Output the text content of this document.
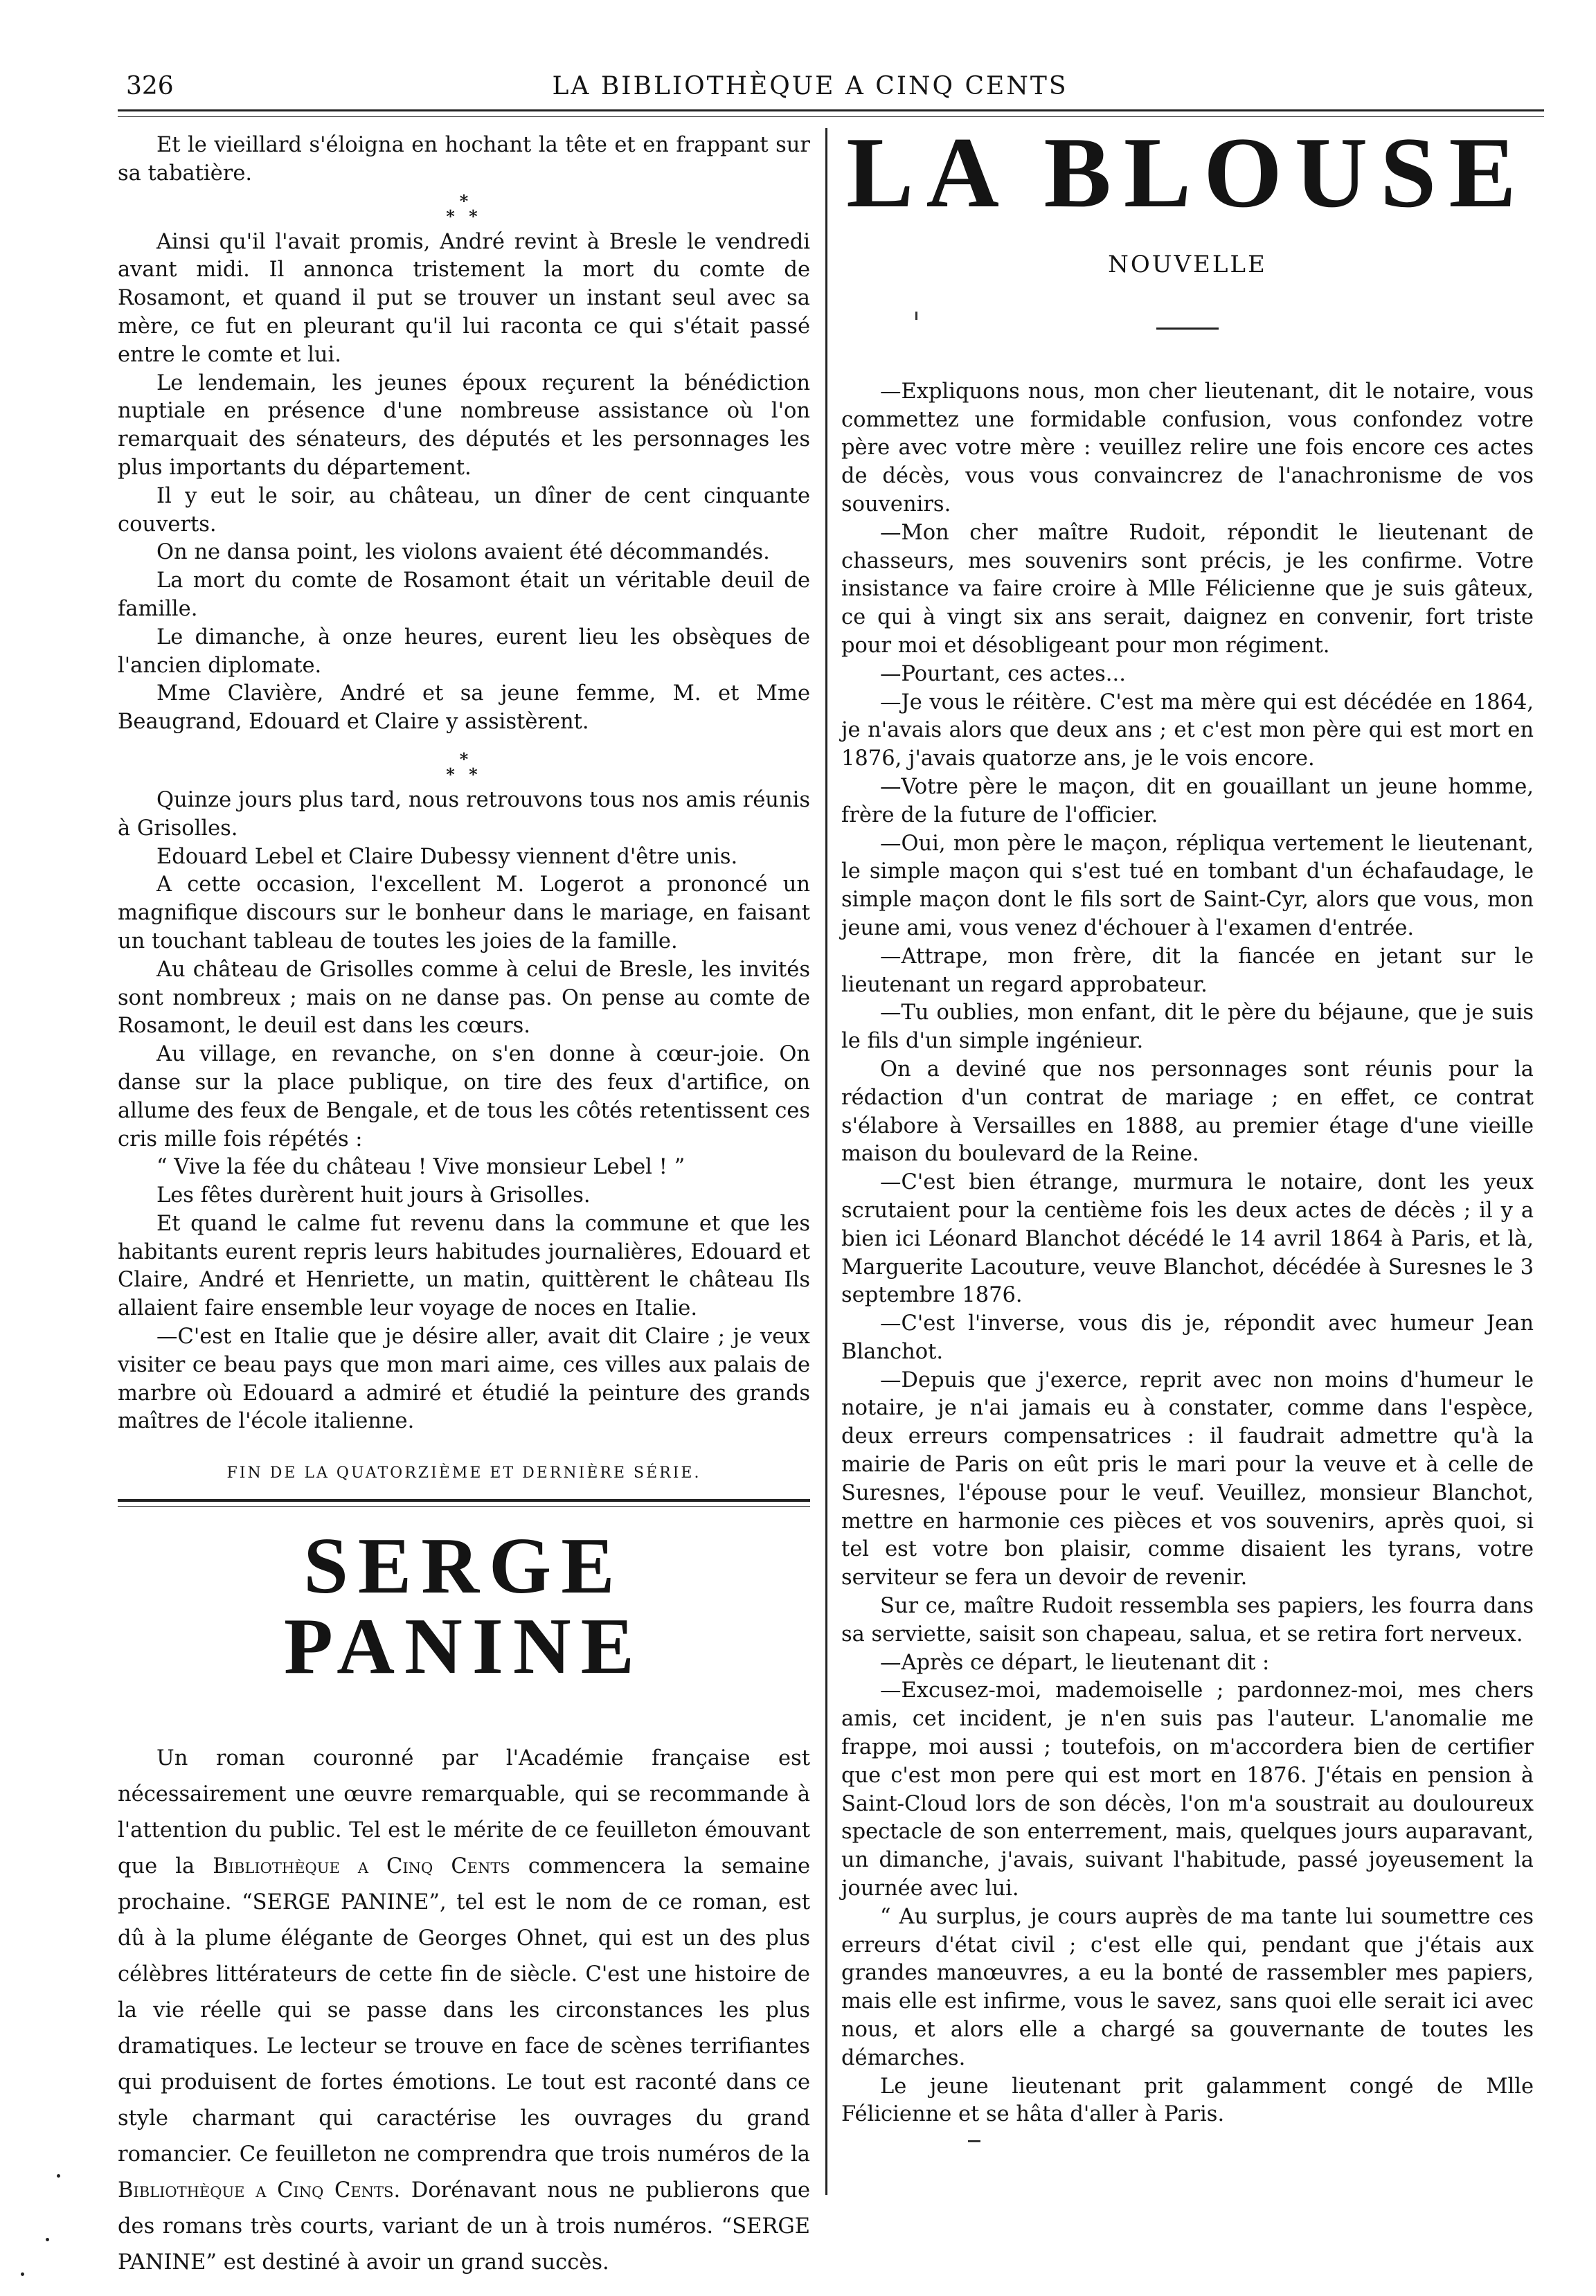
326	LA BIBLIOTHÈQUE A CINQ CENTS

Et le vieillard s'éloigna en hochant la tête et en frappant sur sa tabatière.

*
* *

Ainsi qu'il l'avait promis, André revint à Bresle le vendredi avant midi. Il annonca tristement la mort du comte de Rosamont, et quand il put se trouver un instant seul avec sa mère, ce fut en pleurant qu'il lui raconta ce qui s'était passé entre le comte et lui.

Le lendemain, les jeunes époux reçurent la bénédiction nuptiale en présence d'une nombreuse assistance où l'on remarquait des sénateurs, des députés et les personnages les plus importants du département.

Il y eut le soir, au château, un dîner de cent cinquante couverts.

On ne dansa point, les violons avaient été décommandés.

La mort du comte de Rosamont était un véritable deuil de famille.

Le dimanche, à onze heures, eurent lieu les obsèques de l'ancien diplomate.

Mme Clavière, André et sa jeune femme, M. et Mme Beaugrand, Edouard et Claire y assistèrent.

*
* *

Quinze jours plus tard, nous retrouvons tous nos amis réunis à Grisolles.

Edouard Lebel et Claire Dubessy viennent d'être unis.

A cette occasion, l'excellent M. Logerot a prononcé un magnifique discours sur le bonheur dans le mariage, en faisant un touchant tableau de toutes les joies de la famille.

Au château de Grisolles comme à celui de Bresle, les invités sont nombreux ; mais on ne danse pas. On pense au comte de Rosamont, le deuil est dans les cœurs.

Au village, en revanche, on s'en donne à cœur-joie. On danse sur la place publique, on tire des feux d'artifice, on allume des feux de Bengale, et de tous les côtés retentissent ces cris mille fois répétés :

“ Vive la fée du château ! Vive monsieur Lebel ! ”

Les fêtes durèrent huit jours à Grisolles.

Et quand le calme fut revenu dans la commune et que les habitants eurent repris leurs habitudes journalières, Edouard et Claire, André et Henriette, un matin, quittèrent le château Ils allaient faire ensemble leur voyage de noces en Italie.

—C'est en Italie que je désire aller, avait dit Claire ; je veux visiter ce beau pays que mon mari aime, ces villes aux palais de marbre où Edouard a admiré et étudié la peinture des grands maîtres de l'école italienne.

FIN DE LA QUATORZIÈME ET DERNIÈRE SÉRIE.

SERGE PANINE

Un roman couronné par l'Académie française est nécessairement une œuvre remarquable, qui se recommande à l'attention du public. Tel est le mérite de ce feuilleton émouvant que la Bibliothèque a Cinq Cents commencera la semaine prochaine. “SERGE PANINE”, tel est le nom de ce roman, est dû à la plume élégante de Georges Ohnet, qui est un des plus célèbres littérateurs de cette fin de siècle. C'est une histoire de la vie réelle qui se passe dans les circonstances les plus dramatiques. Le lecteur se trouve en face de scènes terrifiantes qui produisent de fortes émotions. Le tout est raconté dans ce style charmant qui caractérise les ouvrages du grand romancier. Ce feuilleton ne comprendra que trois numéros de la Bibliothèque a Cinq Cents. Dorénavant nous ne publierons que des romans très courts, variant de un à trois numéros. “SERGE PANINE” est destiné à avoir un grand succès.

LA BLOUSE
NOUVELLE

—Expliquons nous, mon cher lieutenant, dit le notaire, vous commettez une formidable confusion, vous confondez votre père avec votre mère : veuillez relire une fois encore ces actes de décès, vous vous convaincrez de l'anachronisme de vos souvenirs.

—Mon cher maître Rudoit, répondit le lieutenant de chasseurs, mes souvenirs sont précis, je les confirme. Votre insistance va faire croire à Mlle Félicienne que je suis gâteux, ce qui à vingt six ans serait, daignez en convenir, fort triste pour moi et désobligeant pour mon régiment.

—Pourtant, ces actes...

—Je vous le réitère. C'est ma mère qui est décédée en 1864, je n'avais alors que deux ans ; et c'est mon père qui est mort en 1876, j'avais quatorze ans, je le vois encore.

—Votre père le maçon, dit en gouaillant un jeune homme, frère de la future de l'officier.

—Oui, mon père le maçon, répliqua vertement le lieutenant, le simple maçon qui s'est tué en tombant d'un échafaudage, le simple maçon dont le fils sort de Saint-Cyr, alors que vous, mon jeune ami, vous venez d'échouer à l'examen d'entrée.

—Attrape, mon frère, dit la fiancée en jetant sur le lieutenant un regard approbateur.

—Tu oublies, mon enfant, dit le père du béjaune, que je suis le fils d'un simple ingénieur.

On a deviné que nos personnages sont réunis pour la rédaction d'un contrat de mariage ; en effet, ce contrat s'élabore à Versailles en 1888, au premier étage d'une vieille maison du boulevard de la Reine.

—C'est bien étrange, murmura le notaire, dont les yeux scrutaient pour la centième fois les deux actes de décès ; il y a bien ici Léonard Blanchot décédé le 14 avril 1864 à Paris, et là, Marguerite Lacouture, veuve Blanchot, décédée à Suresnes le 3 septembre 1876.

—C'est l'inverse, vous dis je, répondit avec humeur Jean Blanchot.

—Depuis que j'exerce, reprit avec non moins d'humeur le notaire, je n'ai jamais eu à constater, comme dans l'espèce, deux erreurs compensatrices : il faudrait admettre qu'à la mairie de Paris on eût pris le mari pour la veuve et à celle de Suresnes, l'épouse pour le veuf. Veuillez, monsieur Blanchot, mettre en harmonie ces pièces et vos souvenirs, après quoi, si tel est votre bon plaisir, comme disaient les tyrans, votre serviteur se fera un devoir de revenir.

Sur ce, maître Rudoit ressembla ses papiers, les fourra dans sa serviette, saisit son chapeau, salua, et se retira fort nerveux.

—Après ce départ, le lieutenant dit :

—Excusez-moi, mademoiselle ; pardonnez-moi, mes chers amis, cet incident, je n'en suis pas l'auteur. L'anomalie me frappe, moi aussi ; toutefois, on m'accordera bien de certifier que c'est mon pere qui est mort en 1876. J'étais en pension à Saint-Cloud lors de son décès, l'on m'a soustrait au douloureux spectacle de son enterrement, mais, quelques jours auparavant, un dimanche, j'avais, suivant l'habitude, passé joyeusement la journée avec lui.

“ Au surplus, je cours auprès de ma tante lui soumettre ces erreurs d'état civil ; c'est elle qui, pendant que j'étais aux grandes manœuvres, a eu la bonté de rassembler mes papiers, mais elle est infirme, vous le savez, sans quoi elle serait ici avec nous, et alors elle a chargé sa gouvernante de toutes les démarches.

Le jeune lieutenant prit galamment congé de Mlle Félicienne et se hâta d'aller à Paris.
